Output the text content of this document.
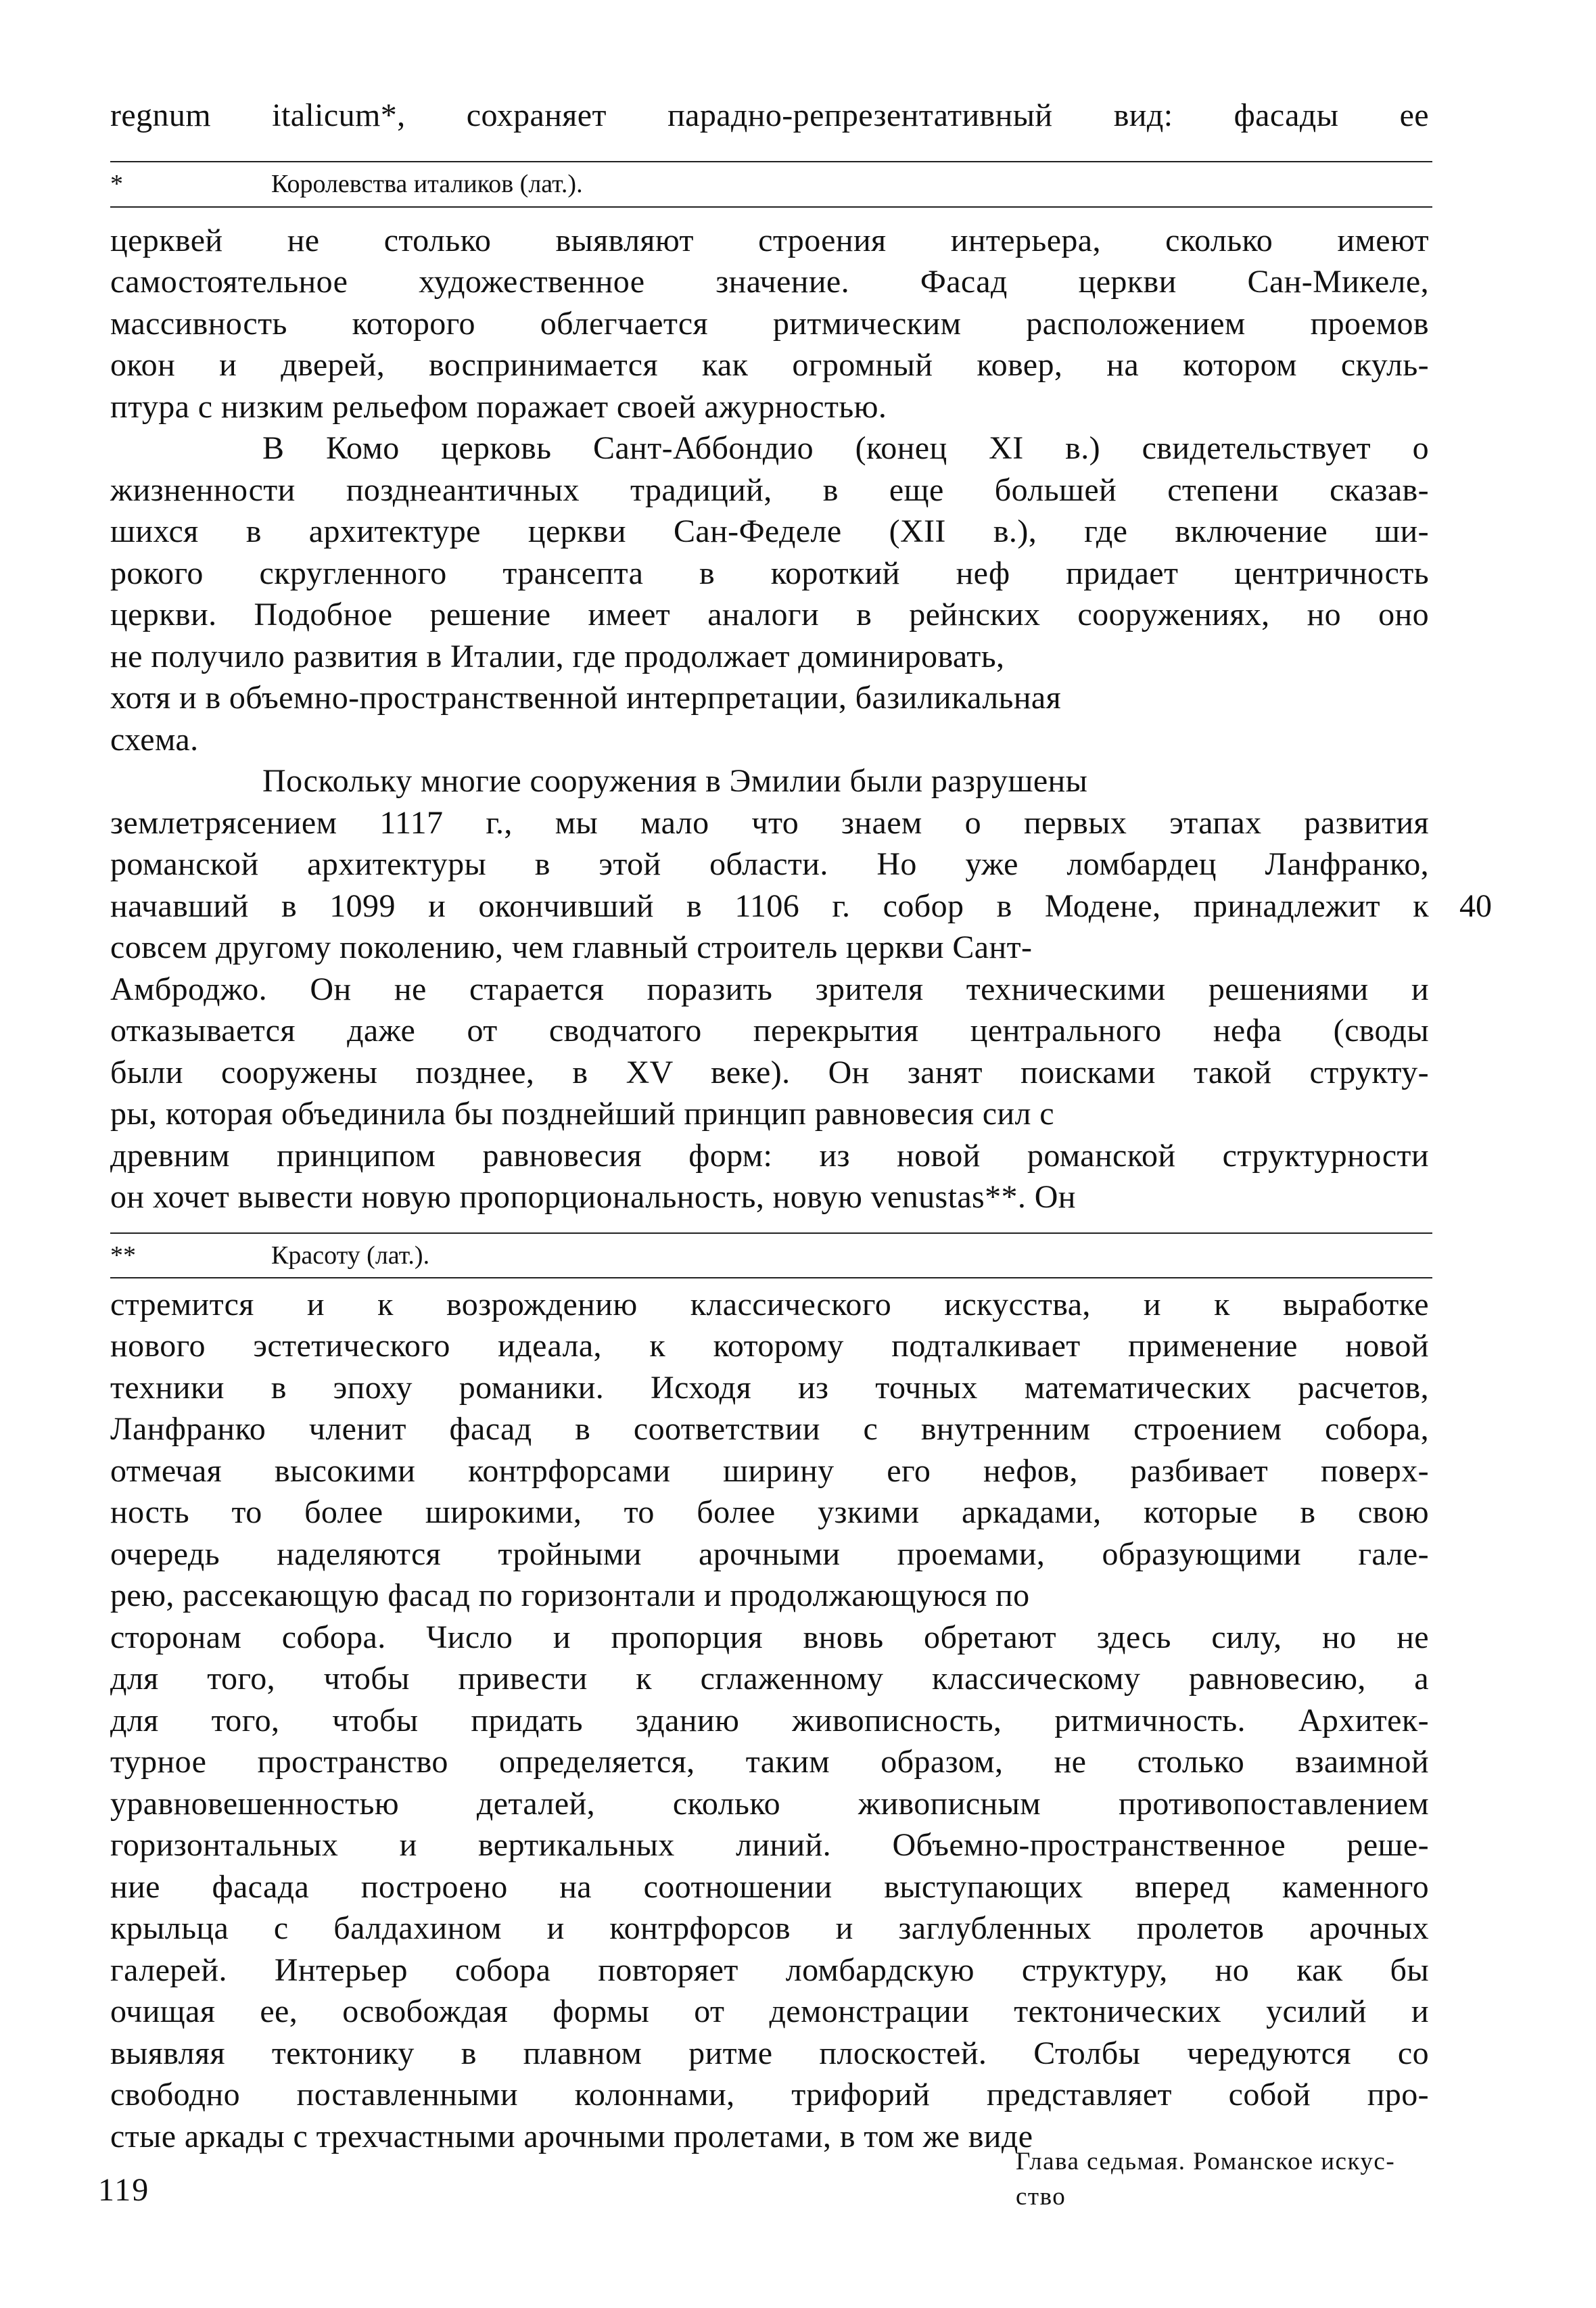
regnum italicum*, сохраняет парадно-репрезентативный вид: фасады ее
*	Королевства италиков (лат.).
церквей не столько выявляют строения интерьера, сколько имеют
самостоятельное художественное значение. Фасад церкви Сан-Микеле,
массивность которого облегчается ритмическим расположением проемов
окон и дверей, воспринимается как огромный ковер, на котором скуль-
птура с низким рельефом поражает своей ажурностью.
В Комо церковь Сант-Аббондио (конец XI в.) свидетельствует о
жизненности позднеантичных традиций, в еще большей степени сказав-
шихся в архитектуре церкви Сан-Феделе (XII в.), где включение ши-
рокого скругленного трансепта в короткий неф придает центричность
церкви. Подобное решение имеет аналоги в рейнских сооружениях, но оно
не получило развития в Италии, где продолжает доминировать,
хотя и в объемно-пространственной интерпретации, базиликальная
схема.
Поскольку многие сооружения в Эмилии были разрушены
землетрясением 1117 г., мы мало что знаем о первых этапах развития
романской архитектуры в этой области. Но уже ломбардец Ланфранко,
начавший в 1099 и окончивший в 1106 г. собор в Модене, принадлежит к 40
совсем другому поколению, чем главный строитель церкви Сант-
Амброджо. Он не старается поразить зрителя техническими решениями и
отказывается даже от сводчатого перекрытия центрального нефа (своды
были сооружены позднее, в XV веке). Он занят поисками такой структу-
ры, которая объединила бы позднейший принцип равновесия сил с
древним принципом равновесия форм: из новой романской структурности
он хочет вывести новую пропорциональность, новую venustas**. Он
**	Красоту (лат.).
стремится и к возрождению классического искусства, и к выработке
нового эстетического идеала, к которому подталкивает применение новой
техники в эпоху романики. Исходя из точных математических расчетов,
Ланфранко членит фасад в соответствии с внутренним строением собора,
отмечая высокими контрфорсами ширину его нефов, разбивает поверх-
ность то более широкими, то более узкими аркадами, которые в свою
очередь наделяются тройными арочными проемами, образующими гале-
рею, рассекающую фасад по горизонтали и продолжающуюся по
сторонам собора. Число и пропорция вновь обретают здесь силу, но не
для того, чтобы привести к сглаженному классическому равновесию, а
для того, чтобы придать зданию живописность, ритмичность. Архитек-
турное пространство определяется, таким образом, не столько взаимной
уравновешенностью деталей, сколько живописным противопоставлением
горизонтальных и вертикальных линий. Объемно-пространственное реше-
ние фасада построено на соотношении выступающих вперед каменного
крыльца с балдахином и контрфорсов и заглубленных пролетов арочных
галерей. Интерьер собора повторяет ломбардскую структуру, но как бы
очищая ее, освобождая формы от демонстрации тектонических усилий и
выявляя тектонику в плавном ритме плоскостей. Столбы чередуются со
свободно поставленными колоннами, трифорий представляет собой про-
стые аркады с трехчастными арочными пролетами, в том же виде
119
Глава седьмая. Романское искус-
ство
